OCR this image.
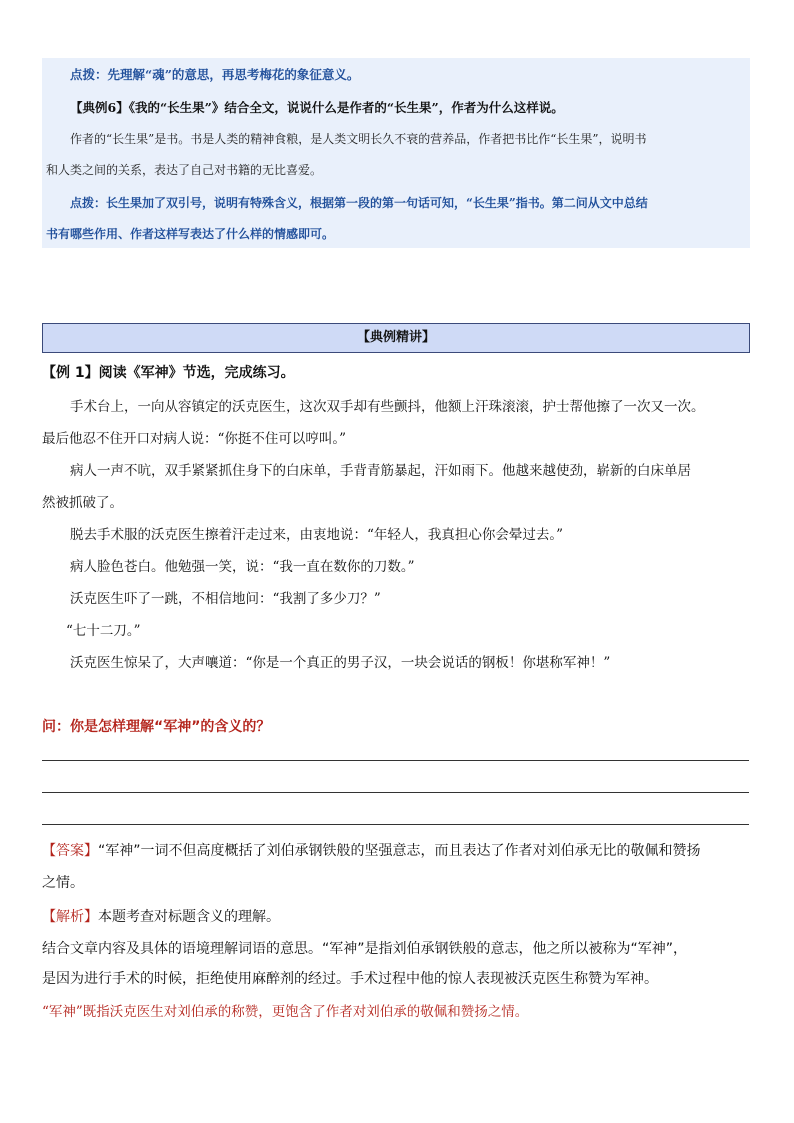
点拨：先理解“魂”的意思，再思考梅花的象征意义。
【典例6】《我的“长生果”》结合全文，说说什么是作者的“长生果”，作者为什么这样说。
作者的“长生果”是书。书是人类的精神食粮，是人类文明长久不衰的营养品，作者把书比作“长生果”，说明书
和人类之间的关系，表达了自己对书籍的无比喜爱。
点拨：长生果加了双引号，说明有特殊含义，根据第一段的第一句话可知，“长生果”指书。第二问从文中总结
书有哪些作用、作者这样写表达了什么样的情感即可。
【典例精讲】
【例 1】阅读《军神》节选，完成练习。
手术台上，一向从容镇定的沃克医生，这次双手却有些颤抖，他额上汗珠滚滚，护士帮他擦了一次又一次。
最后他忍不住开口对病人说：“你挺不住可以哼叫。”
病人一声不吭，双手紧紧抓住身下的白床单，手背青筋暴起，汗如雨下。他越来越使劲，崭新的白床单居
然被抓破了。
脱去手术服的沃克医生擦着汗走过来，由衷地说：“年轻人，我真担心你会晕过去。”
病人脸色苍白。他勉强一笑，说：“我一直在数你的刀数。”
沃克医生吓了一跳，不相信地问：“我割了多少刀？”
“七十二刀。”
沃克医生惊呆了，大声嚷道：“你是一个真正的男子汉，一块会说话的钢板！你堪称军神！”
问：你是怎样理解“军神”的含义的？
【答案】“军神”一词不但高度概括了刘伯承钢铁般的坚强意志，而且表达了作者对刘伯承无比的敬佩和赞扬
之情。
【解析】本题考查对标题含义的理解。
结合文章内容及具体的语境理解词语的意思。“军神”是指刘伯承钢铁般的意志，他之所以被称为“军神”，
是因为进行手术的时候，拒绝使用麻醉剂的经过。手术过程中他的惊人表现被沃克医生称赞为军神。
“军神”既指沃克医生对刘伯承的称赞，更饱含了作者对刘伯承的敬佩和赞扬之情。
